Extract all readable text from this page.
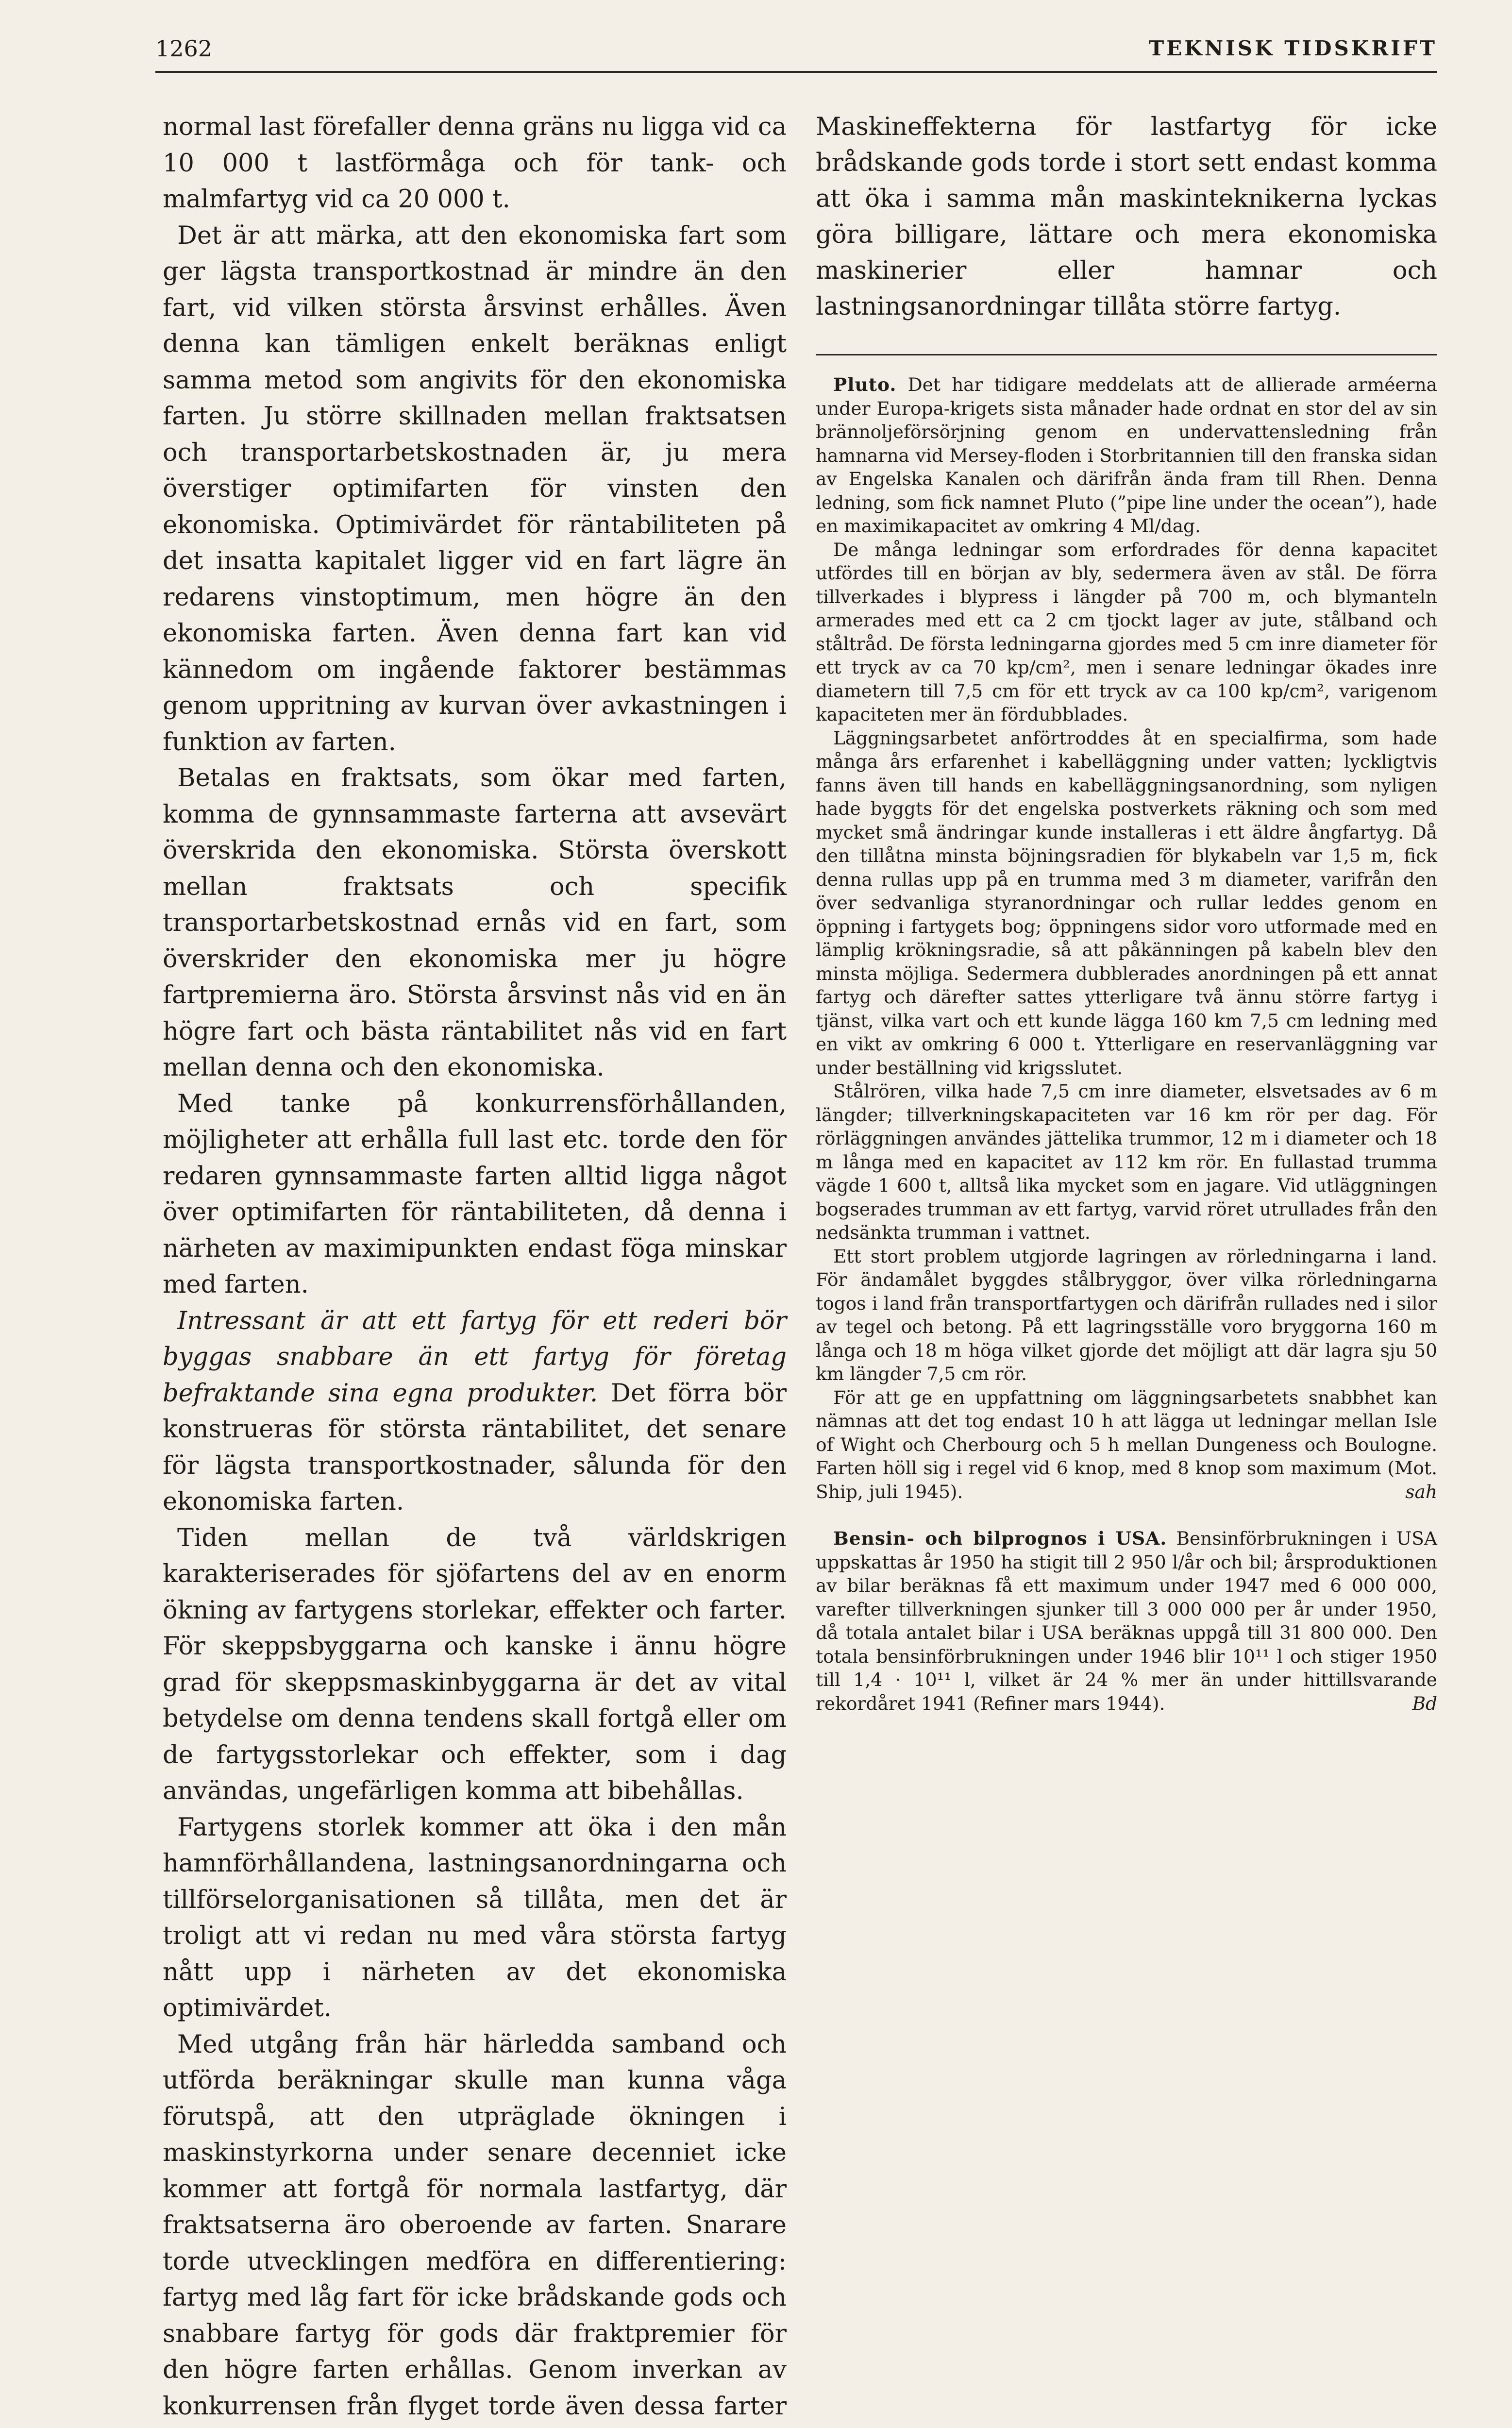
1262	TEKNISK TIDSKRIFT

normal last förefaller denna gräns nu ligga vid ca 10 000 t lastförmåga och för tank- och malmfartyg vid ca 20 000 t.

Det är att märka, att den ekonomiska fart som ger lägsta transportkostnad är mindre än den fart, vid vilken största årsvinst erhålles. Även denna kan tämligen enkelt beräknas enligt samma metod som angivits för den ekonomiska farten. Ju större skillnaden mellan fraktsatsen och transportarbetskostnaden är, ju mera överstiger optimifarten för vinsten den ekonomiska. Optimivärdet för räntabiliteten på det insatta kapitalet ligger vid en fart lägre än redarens vinstoptimum, men högre än den ekonomiska farten. Även denna fart kan vid kännedom om ingående faktorer bestämmas genom uppritning av kurvan över avkastningen i funktion av farten.

Betalas en fraktsats, som ökar med farten, komma de gynnsammaste farterna att avsevärt överskrida den ekonomiska. Största överskott mellan fraktsats och specifik transportarbetskostnad ernås vid en fart, som överskrider den ekonomiska mer ju högre fartpremierna äro. Största årsvinst nås vid en än högre fart och bästa räntabilitet nås vid en fart mellan denna och den ekonomiska.

Med tanke på konkurrensförhållanden, möjligheter att erhålla full last etc. torde den för redaren gynnsammaste farten alltid ligga något över optimifarten för räntabiliteten, då denna i närheten av maximipunkten endast föga minskar med farten.

Intressant är att ett fartyg för ett rederi bör byggas snabbare än ett fartyg för företag befraktande sina egna produkter. Det förra bör konstrueras för största räntabilitet, det senare för lägsta transportkostnader, sålunda för den ekonomiska farten.

Tiden mellan de två världskrigen karakteriserades för sjöfartens del av en enorm ökning av fartygens storlekar, effekter och farter. För skeppsbyggarna och kanske i ännu högre grad för skeppsmaskinbyggarna är det av vital betydelse om denna tendens skall fortgå eller om de fartygsstorlekar och effekter, som i dag användas, ungefärligen komma att bibehållas.

Fartygens storlek kommer att öka i den mån hamnförhållandena, lastningsanordningarna och tillförselorganisationen så tillåta, men det är troligt att vi redan nu med våra största fartyg nått upp i närheten av det ekonomiska optimivärdet.

Med utgång från här härledda samband och utförda beräkningar skulle man kunna våga förutspå, att den utpräglade ökningen i maskinstyrkorna under senare decenniet icke kommer att fortgå för normala lastfartyg, där fraktsatserna äro oberoende av farten. Snarare torde utvecklingen medföra en differentiering: fartyg med låg fart för icke brådskande gods och snabbare fartyg för gods där fraktpremier för den högre farten erhållas. Genom inverkan av konkurrensen från flyget torde även dessa farter

Maskineffekterna för lastfartyg för icke brådskande gods torde i stort sett endast komma att öka i samma mån maskinteknikerna lyckas göra billigare, lättare och mera ekonomiska maskinerier eller hamnar och lastningsanordningar tillåta större fartyg.

Pluto. Det har tidigare meddelats att de allierade arméerna under Europa-krigets sista månader hade ordnat en stor del av sin brännoljeförsörjning genom en undervattensledning från hamnarna vid Mersey-floden i Storbritannien till den franska sidan av Engelska Kanalen och därifrån ända fram till Rhen. Denna ledning, som fick namnet Pluto (”pipe line under the ocean”), hade en maximikapacitet av omkring 4 Ml/dag.

De många ledningar som erfordrades för denna kapacitet utfördes till en början av bly, sedermera även av stål. De förra tillverkades i blypress i längder på 700 m, och blymanteln armerades med ett ca 2 cm tjockt lager av jute, stålband och ståltråd. De första ledningarna gjordes med 5 cm inre diameter för ett tryck av ca 70 kp/cm², men i senare ledningar ökades inre diametern till 7,5 cm för ett tryck av ca 100 kp/cm², varigenom kapaciteten mer än fördubblades.

Läggningsarbetet anförtroddes åt en specialfirma, som hade många års erfarenhet i kabelläggning under vatten; lyckligtvis fanns även till hands en kabelläggningsanordning, som nyligen hade byggts för det engelska postverkets räkning och som med mycket små ändringar kunde installeras i ett äldre ångfartyg. Då den tillåtna minsta böjningsradien för blykabeln var 1,5 m, fick denna rullas upp på en trumma med 3 m diameter, varifrån den över sedvanliga styranordningar och rullar leddes genom en öppning i fartygets bog; öppningens sidor voro utformade med en lämplig krökningsradie, så att påkänningen på kabeln blev den minsta möjliga. Sedermera dubblerades anordningen på ett annat fartyg och därefter sattes ytterligare två ännu större fartyg i tjänst, vilka vart och ett kunde lägga 160 km 7,5 cm ledning med en vikt av omkring 6 000 t. Ytterligare en reservanläggning var under beställning vid krigsslutet.

Stålrören, vilka hade 7,5 cm inre diameter, elsvetsades av 6 m längder; tillverkningskapaciteten var 16 km rör per dag. För rörläggningen användes jättelika trummor, 12 m i diameter och 18 m långa med en kapacitet av 112 km rör. En fullastad trumma vägde 1 600 t, alltså lika mycket som en jagare. Vid utläggningen bogserades trumman av ett fartyg, varvid röret utrullades från den nedsänkta trumman i vattnet.

Ett stort problem utgjorde lagringen av rörledningarna i land. För ändamålet byggdes stålbryggor, över vilka rörledningarna togos i land från transportfartygen och därifrån rullades ned i silor av tegel och betong. På ett lagringsställe voro bryggorna 160 m långa och 18 m höga vilket gjorde det möjligt att där lagra sju 50 km längder 7,5 cm rör.

För att ge en uppfattning om läggningsarbetets snabbhet kan nämnas att det tog endast 10 h att lägga ut ledningar mellan Isle of Wight och Cherbourg och 5 h mellan Dungeness och Boulogne. Farten höll sig i regel vid 6 knop, med 8 knop som maximum (Mot. Ship, juli 1945).	sah

Bensin- och bilprognos i USA. Bensinförbrukningen i USA uppskattas år 1950 ha stigit till 2 950 l/år och bil; årsproduktionen av bilar beräknas få ett maximum under 1947 med 6 000 000, varefter tillverkningen sjunker till 3 000 000 per år under 1950, då totala antalet bilar i USA beräknas uppgå till 31 800 000. Den totala bensinförbrukningen under 1946 blir 10¹¹ l och stiger 1950 till 1,4 · 10¹¹ l, vilket är 24 % mer än under hittillsvarande rekordåret 1941 (Refiner mars 1944).	Bd
